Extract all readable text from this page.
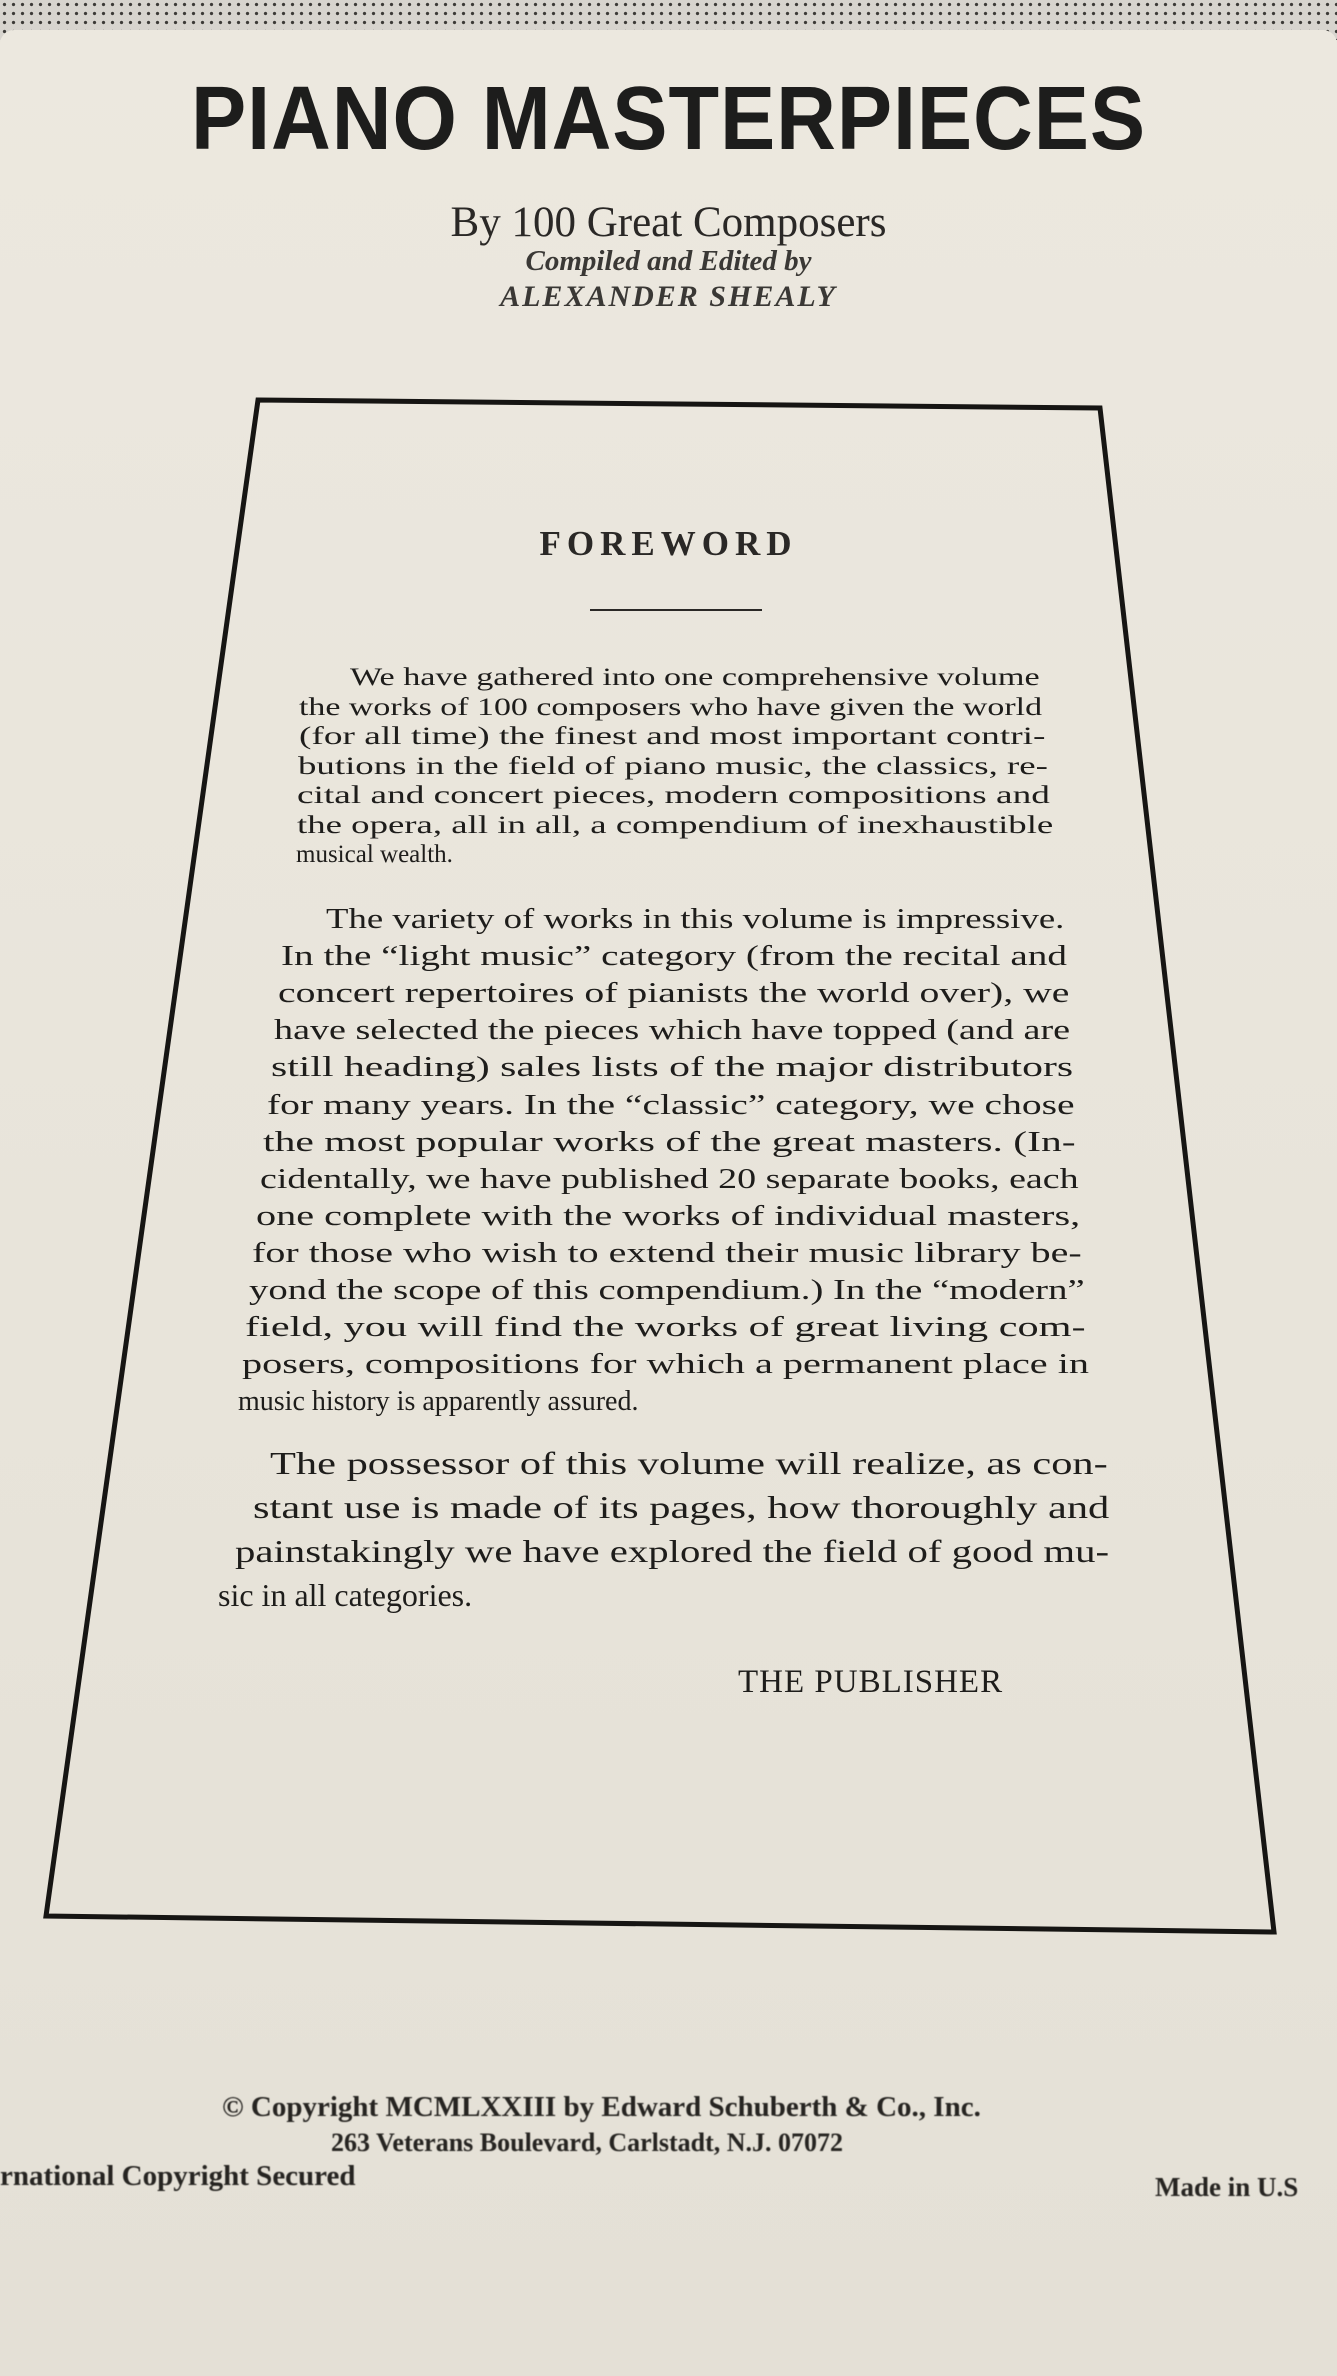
PIANO MASTERPIECES
By 100 Great Composers
Compiled and Edited by
ALEXANDER SHEALY
FOREWORD
We have gathered into one comprehensive volume
the works of 100 composers who have given the world
(for all time) the finest and most important contri-
butions in the field of piano music, the classics, re-
cital and concert pieces, modern compositions and
the opera, all in all, a compendium of inexhaustible
musical wealth.
The variety of works in this volume is impressive.
In the “light music” category (from the recital and
concert repertoires of pianists the world over), we
have selected the pieces which have topped (and are
still heading) sales lists of the major distributors
for many years. In the “classic” category, we chose
the most popular works of the great masters. (In-
cidentally, we have published 20 separate books, each
one complete with the works of individual masters,
for those who wish to extend their music library be-
yond the scope of this compendium.) In the “modern”
field, you will find the works of great living com-
posers, compositions for which a permanent place in
music history is apparently assured.
The possessor of this volume will realize, as con-
stant use is made of its pages, how thoroughly and
painstakingly we have explored the field of good mu-
sic in all categories.
THE PUBLISHER
© Copyright MCMLXXIII by Edward Schuberth & Co., Inc.
263 Veterans Boulevard, Carlstadt, N.J. 07072
rnational Copyright Secured	Made in U.S
